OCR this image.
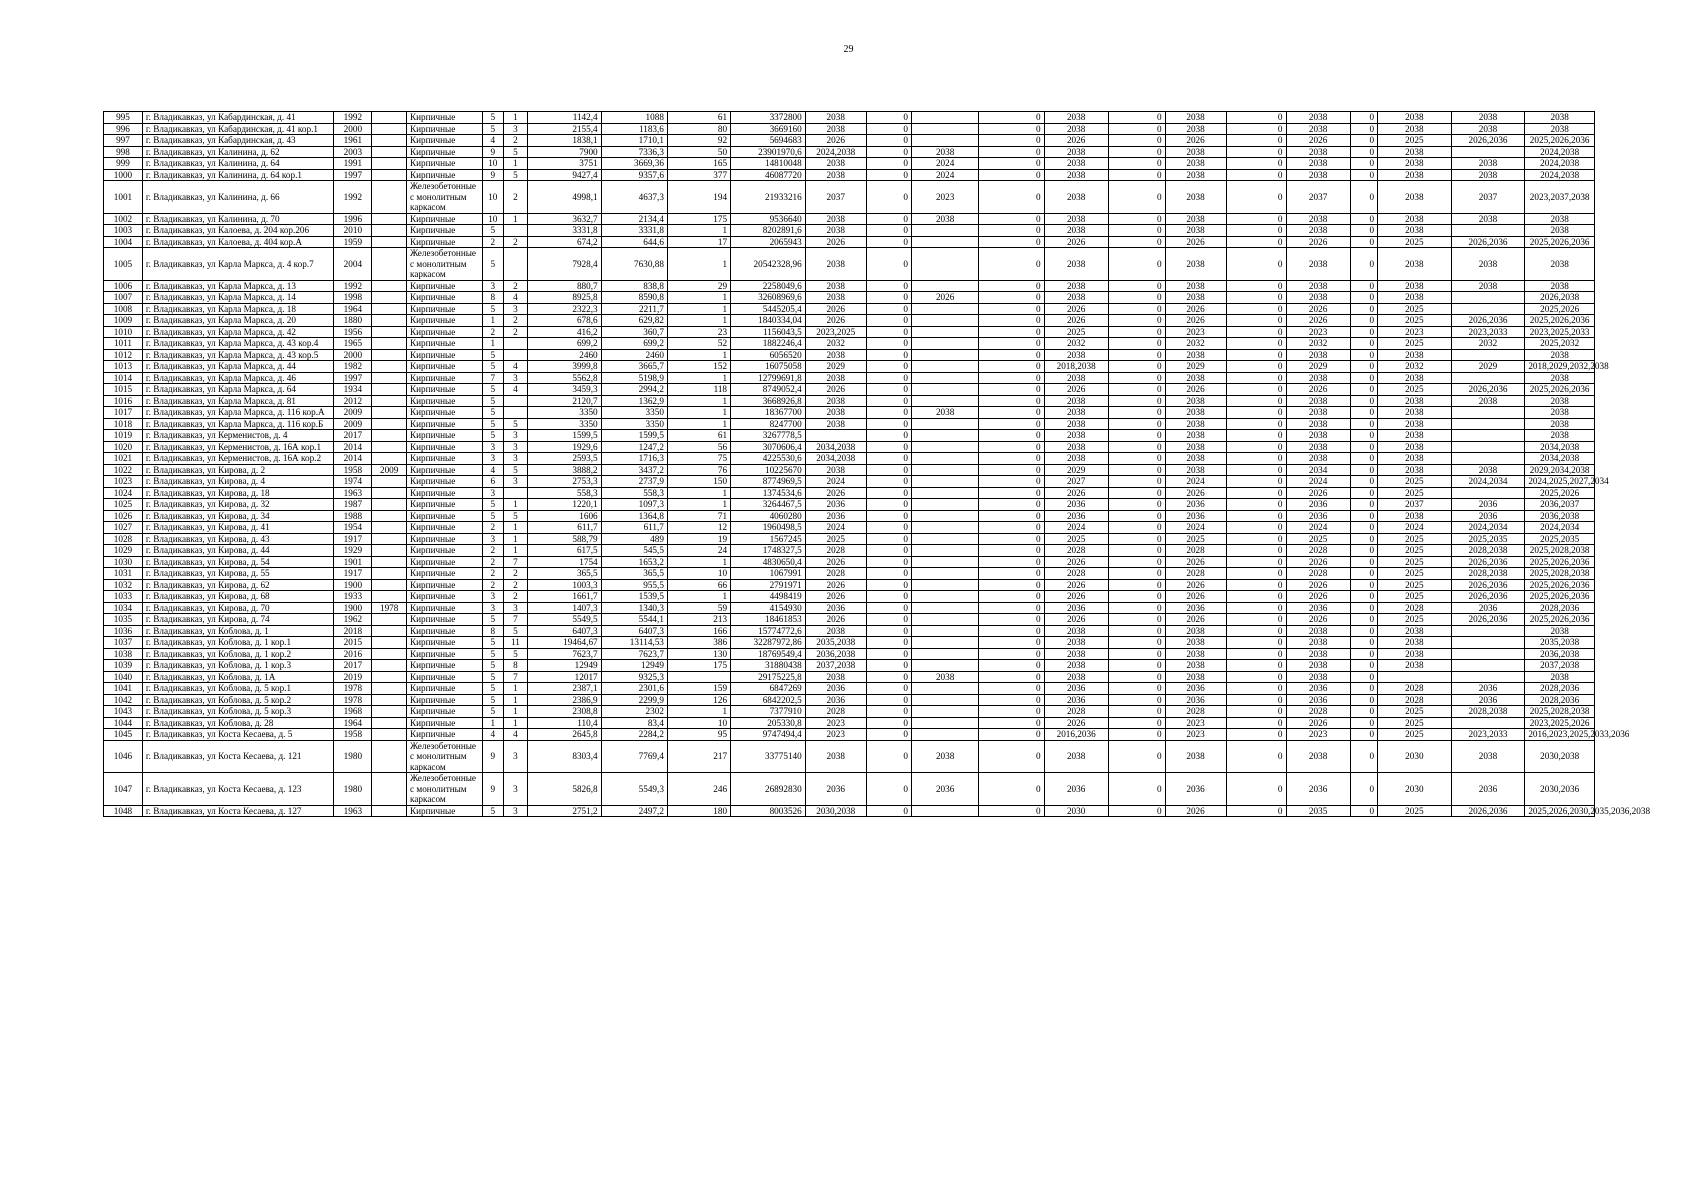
29
995	г. Владикавказ, ул Кабардинская, д. 41	1992		Кирпичные	5	1	1142,4	1088	61	3372800	2038	0		0	2038	0	2038	0	2038	0	2038	2038	2038
996	г. Владикавказ, ул Кабардинская, д. 41 кор.1	2000		Кирпичные	5	3	2155,4	1183,6	80	3669160	2038	0		0	2038	0	2038	0	2038	0	2038	2038	2038
997	г. Владикавказ, ул Кабардинская, д. 43	1961		Кирпичные	4	2	1838,1	1710,1	92	5694683	2026	0		0	2026	0	2026	0	2026	0	2025	2026,2036	2025,2026,2036
998	г. Владикавказ, ул Калинина, д. 62	2003		Кирпичные	9	5	7900	7336,3	50	23901970,6	2024,2038	0	2038	0	2038	0	2038	0	2038	0	2038		2024,2038
999	г. Владикавказ, ул Калинина, д. 64	1991		Кирпичные	10	1	3751	3669,36	165	14810048	2038	0	2024	0	2038	0	2038	0	2038	0	2038	2038	2024,2038
1000	г. Владикавказ, ул Калинина, д. 64 кор.1	1997		Кирпичные	9	5	9427,4	9357,6	377	46087720	2038	0	2024	0	2038	0	2038	0	2038	0	2038	2038	2024,2038
1001	г. Владикавказ, ул Калинина, д. 66	1992		Железобетонные с монолитным каркасом	10	2	4998,1	4637,3	194	21933216	2037	0	2023	0	2038	0	2038	0	2037	0	2038	2037	2023,2037,2038
1002	г. Владикавказ, ул Калинина, д. 70	1996		Кирпичные	10	1	3632,7	2134,4	175	9536640	2038	0	2038	0	2038	0	2038	0	2038	0	2038	2038	2038
1003	г. Владикавказ, ул Калоева, д. 204 кор.206	2010		Кирпичные	5		3331,8	3331,8	1	8202891,6	2038	0		0	2038	0	2038	0	2038	0	2038		2038
1004	г. Владикавказ, ул Калоева, д. 404 кор.А	1959		Кирпичные	2	2	674,2	644,6	17	2065943	2026	0		0	2026	0	2026	0	2026	0	2025	2026,2036	2025,2026,2036
1005	г. Владикавказ, ул Карла Маркса, д. 4 кор.7	2004		Железобетонные с монолитным каркасом	5		7928,4	7630,88	1	20542328,96	2038	0		0	2038	0	2038	0	2038	0	2038	2038	2038
1006	г. Владикавказ, ул Карла Маркса, д. 13	1992		Кирпичные	3	2	880,7	838,8	29	2258049,6	2038	0		0	2038	0	2038	0	2038	0	2038	2038	2038
1007	г. Владикавказ, ул Карла Маркса, д. 14	1998		Кирпичные	8	4	8925,8	8590,8	1	32608969,6	2038	0	2026	0	2038	0	2038	0	2038	0	2038		2026,2038
1008	г. Владикавказ, ул Карла Маркса, д. 18	1964		Кирпичные	5	3	2322,3	2211,7	1	5445205,4	2026	0		0	2026	0	2026	0	2026	0	2025		2025,2026
1009	г. Владикавказ, ул Карла Маркса, д. 20	1880		Кирпичные	1	2	678,6	629,82	1	1840334,04	2026	0		0	2026	0	2026	0	2026	0	2025	2026,2036	2025,2026,2036
1010	г. Владикавказ, ул Карла Маркса, д. 42	1956		Кирпичные	2	2	416,2	360,7	23	1156043,5	2023,2025	0		0	2025	0	2023	0	2023	0	2023	2023,2033	2023,2025,2033
1011	г. Владикавказ, ул Карла Маркса, д. 43 кор.4	1965		Кирпичные	1		699,2	699,2	52	1882246,4	2032	0		0	2032	0	2032	0	2032	0	2025	2032	2025,2032
1012	г. Владикавказ, ул Карла Маркса, д. 43 кор.5	2000		Кирпичные	5		2460	2460	1	6056520	2038	0		0	2038	0	2038	0	2038	0	2038		2038
1013	г. Владикавказ, ул Карла Маркса, д. 44	1982		Кирпичные	5	4	3999,8	3665,7	152	16075058	2029	0		0	2018,2038	0	2029	0	2029	0	2032	2029	2018,2029,2032,2038
1014	г. Владикавказ, ул Карла Маркса, д. 46	1997		Кирпичные	7	3	5562,8	5198,9	1	12799691,8	2038	0		0	2038	0	2038	0	2038	0	2038		2038
1015	г. Владикавказ, ул Карла Маркса, д. 64	1934		Кирпичные	5	4	3459,3	2994,2	118	8749052,4	2026	0		0	2026	0	2026	0	2026	0	2025	2026,2036	2025,2026,2036
1016	г. Владикавказ, ул Карла Маркса, д. 81	2012		Кирпичные	5		2120,7	1362,9	1	3668926,8	2038	0		0	2038	0	2038	0	2038	0	2038	2038	2038
1017	г. Владикавказ, ул Карла Маркса, д. 116 кор.А	2009		Кирпичные	5		3350	3350	1	18367700	2038	0	2038	0	2038	0	2038	0	2038	0	2038		2038
1018	г. Владикавказ, ул Карла Маркса, д. 116 кор.Б	2009		Кирпичные	5	5	3350	3350	1	8247700	2038	0		0	2038	0	2038	0	2038	0	2038		2038
1019	г. Владикавказ, ул Керменистов, д. 4	2017		Кирпичные	5	3	1599,5	1599,5	61	3267778,5		0		0	2038	0	2038	0	2038	0	2038		2038
1020	г. Владикавказ, ул Керменистов, д. 16А кор.1	2014		Кирпичные	3	3	1929,6	1247,2	56	3070606,4	2034,2038	0		0	2038	0	2038	0	2038	0	2038		2034,2038
1021	г. Владикавказ, ул Керменистов, д. 16А кор.2	2014		Кирпичные	3	3	2593,5	1716,3	75	4225530,6	2034,2038	0		0	2038	0	2038	0	2038	0	2038		2034,2038
1022	г. Владикавказ, ул Кирова, д. 2	1958	2009	Кирпичные	4	5	3888,2	3437,2	76	10225670	2038	0		0	2029	0	2038	0	2034	0	2038	2038	2029,2034,2038
1023	г. Владикавказ, ул Кирова, д. 4	1974		Кирпичные	6	3	2753,3	2737,9	150	8774969,5	2024	0		0	2027	0	2024	0	2024	0	2025	2024,2034	2024,2025,2027,2034
1024	г. Владикавказ, ул Кирова, д. 18	1963		Кирпичные	3		558,3	558,3	1	1374534,6	2026	0		0	2026	0	2026	0	2026	0	2025		2025,2026
1025	г. Владикавказ, ул Кирова, д. 32	1987		Кирпичные	5	1	1220,1	1097,3	1	3264467,5	2036	0		0	2036	0	2036	0	2036	0	2037	2036	2036,2037
1026	г. Владикавказ, ул Кирова, д. 34	1988		Кирпичные	5	5	1606	1364,8	71	4060280	2036	0		0	2036	0	2036	0	2036	0	2038	2036	2036,2038
1027	г. Владикавказ, ул Кирова, д. 41	1954		Кирпичные	2	1	611,7	611,7	12	1960498,5	2024	0		0	2024	0	2024	0	2024	0	2024	2024,2034	2024,2034
1028	г. Владикавказ, ул Кирова, д. 43	1917		Кирпичные	3	1	588,79	489	19	1567245	2025	0		0	2025	0	2025	0	2025	0	2025	2025,2035	2025,2035
1029	г. Владикавказ, ул Кирова, д. 44	1929		Кирпичные	2	1	617,5	545,5	24	1748327,5	2028	0		0	2028	0	2028	0	2028	0	2025	2028,2038	2025,2028,2038
1030	г. Владикавказ, ул Кирова, д. 54	1901		Кирпичные	2	7	1754	1653,2	1	4830650,4	2026	0		0	2026	0	2026	0	2026	0	2025	2026,2036	2025,2026,2036
1031	г. Владикавказ, ул Кирова, д. 55	1917		Кирпичные	2	2	365,5	365,5	10	1067991	2028	0		0	2028	0	2028	0	2028	0	2025	2028,2038	2025,2028,2038
1032	г. Владикавказ, ул Кирова, д. 62	1900		Кирпичные	2	2	1003,3	955,5	66	2791971	2026	0		0	2026	0	2026	0	2026	0	2025	2026,2036	2025,2026,2036
1033	г. Владикавказ, ул Кирова, д. 68	1933		Кирпичные	3	2	1661,7	1539,5	1	4498419	2026	0		0	2026	0	2026	0	2026	0	2025	2026,2036	2025,2026,2036
1034	г. Владикавказ, ул Кирова, д. 70	1900	1978	Кирпичные	3	3	1407,3	1340,3	59	4154930	2036	0		0	2036	0	2036	0	2036	0	2028	2036	2028,2036
1035	г. Владикавказ, ул Кирова, д. 74	1962		Кирпичные	5	7	5549,5	5544,1	213	18461853	2026	0		0	2026	0	2026	0	2026	0	2025	2026,2036	2025,2026,2036
1036	г. Владикавказ, ул Коблова, д. 1	2018		Кирпичные	8	5	6407,3	6407,3	166	15774772,6	2038	0		0	2038	0	2038	0	2038	0	2038		2038
1037	г. Владикавказ, ул Коблова, д. 1 кор.1	2015		Кирпичные	5	11	19464,67	13114,53	386	32287972,86	2035,2038	0		0	2038	0	2038	0	2038	0	2038		2035,2038
1038	г. Владикавказ, ул Коблова, д. 1 кор.2	2016		Кирпичные	5	5	7623,7	7623,7	130	18769549,4	2036,2038	0		0	2038	0	2038	0	2038	0	2038		2036,2038
1039	г. Владикавказ, ул Коблова, д. 1 кор.3	2017		Кирпичные	5	8	12949	12949	175	31880438	2037,2038	0		0	2038	0	2038	0	2038	0	2038		2037,2038
1040	г. Владикавказ, ул Коблова, д. 1А	2019		Кирпичные	5	7	12017	9325,3		29175225,8	2038	0	2038	0	2038	0	2038	0	2038	0			2038
1041	г. Владикавказ, ул Коблова, д. 5 кор.1	1978		Кирпичные	5	1	2387,1	2301,6	159	6847269	2036	0		0	2036	0	2036	0	2036	0	2028	2036	2028,2036
1042	г. Владикавказ, ул Коблова, д. 5 кор.2	1978		Кирпичные	5	1	2386,9	2299,9	126	6842202,5	2036	0		0	2036	0	2036	0	2036	0	2028	2036	2028,2036
1043	г. Владикавказ, ул Коблова, д. 5 кор.3	1968		Кирпичные	5	1	2308,8	2302	1	7377910	2028	0		0	2028	0	2028	0	2028	0	2025	2028,2038	2025,2028,2038
1044	г. Владикавказ, ул Коблова, д. 28	1964		Кирпичные	1	1	110,4	83,4	10	205330,8	2023	0		0	2026	0	2023	0	2026	0	2025		2023,2025,2026
1045	г. Владикавказ, ул Коста Кесаева, д. 5	1958		Кирпичные	4	4	2645,8	2284,2	95	9747494,4	2023	0		0	2016,2036	0	2023	0	2023	0	2025	2023,2033	2016,2023,2025,2033,2036
1046	г. Владикавказ, ул Коста Кесаева, д. 121	1980		Железобетонные с монолитным каркасом	9	3	8303,4	7769,4	217	33775140	2038	0	2038	0	2038	0	2038	0	2038	0	2030	2038	2030,2038
1047	г. Владикавказ, ул Коста Кесаева, д. 123	1980		Железобетонные с монолитным каркасом	9	3	5826,8	5549,3	246	26892830	2036	0	2036	0	2036	0	2036	0	2036	0	2030	2036	2030,2036
1048	г. Владикавказ, ул Коста Кесаева, д. 127	1963		Кирпичные	5	3	2751,2	2497,2	180	8003526	2030,2038	0		0	2030	0	2026	0	2035	0	2025	2026,2036	2025,2026,2030,2035,2036,2038
